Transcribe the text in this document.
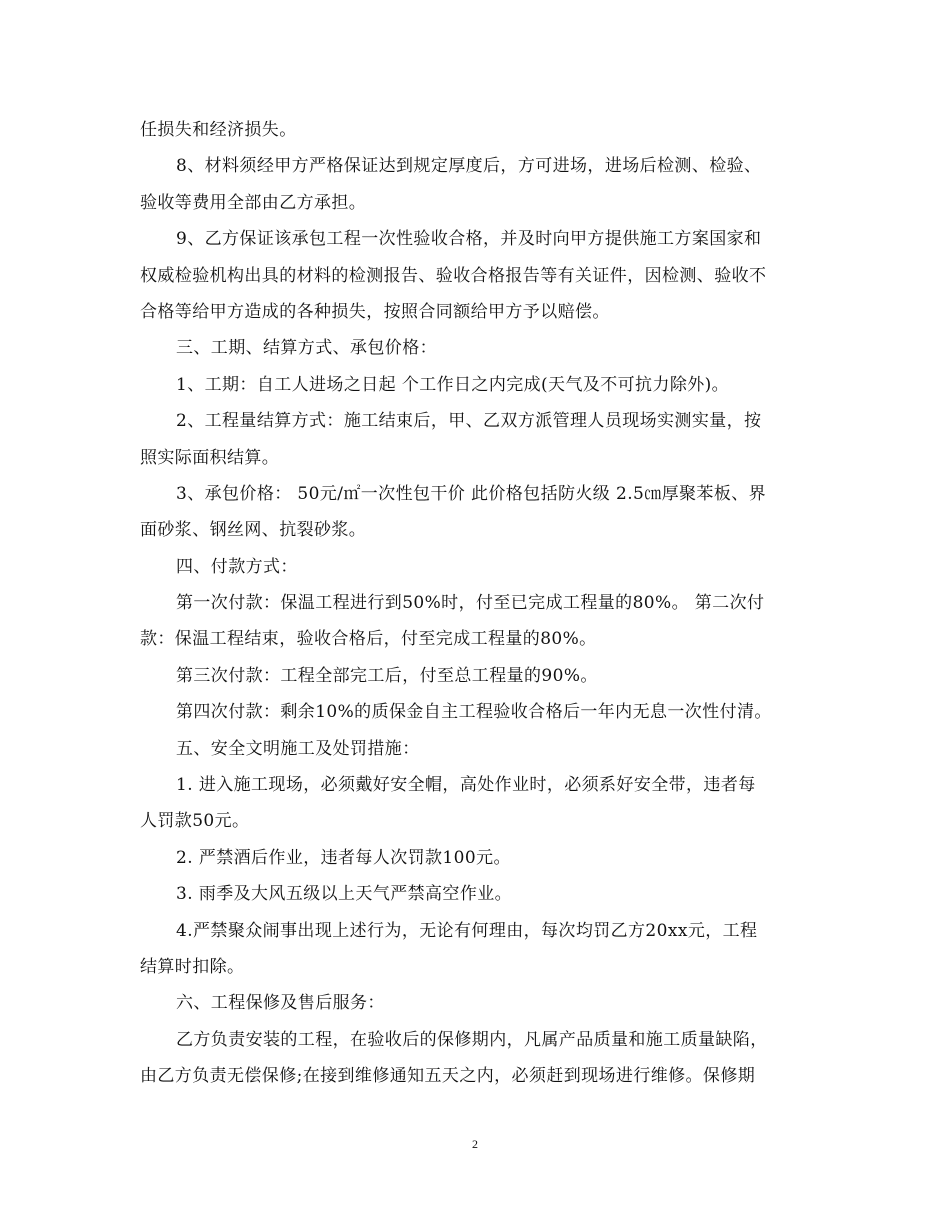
任损失和经济损失。
8、材料须经甲方严格保证达到规定厚度后，方可进场，进场后检测、检验、
验收等费用全部由乙方承担。
9、乙方保证该承包工程一次性验收合格，并及时向甲方提供施工方案国家和
权威检验机构出具的材料的检测报告、验收合格报告等有关证件，因检测、验收不
合格等给甲方造成的各种损失，按照合同额给甲方予以赔偿。
三、工期、结算方式、承包价格：
1、工期：自工人进场之日起 个工作日之内完成(天气及不可抗力除外)。
2、工程量结算方式：施工结束后，甲、乙双方派管理人员现场实测实量，按
照实际面积结算。
3、承包价格： 50元/㎡一次性包干价 此价格包括防火级 2.5㎝厚聚苯板、界
面砂浆、钢丝网、抗裂砂浆。
四、付款方式：
第一次付款：保温工程进行到50%时，付至已完成工程量的80%。 第二次付
款：保温工程结束，验收合格后，付至完成工程量的80%。
第三次付款：工程全部完工后，付至总工程量的90%。
第四次付款：剩余10%的质保金自主工程验收合格后一年内无息一次性付清。
五、安全文明施工及处罚措施：
1. 进入施工现场，必须戴好安全帽，高处作业时，必须系好安全带，违者每
人罚款50元。
2. 严禁酒后作业，违者每人次罚款100元。
3. 雨季及大风五级以上天气严禁高空作业。
4.严禁聚众闹事出现上述行为，无论有何理由，每次均罚乙方20xx元，工程
结算时扣除。
六、工程保修及售后服务：
乙方负责安装的工程，在验收后的保修期内，凡属产品质量和施工质量缺陷，
由乙方负责无偿保修;在接到维修通知五天之内，必须赶到现场进行维修。保修期
2
